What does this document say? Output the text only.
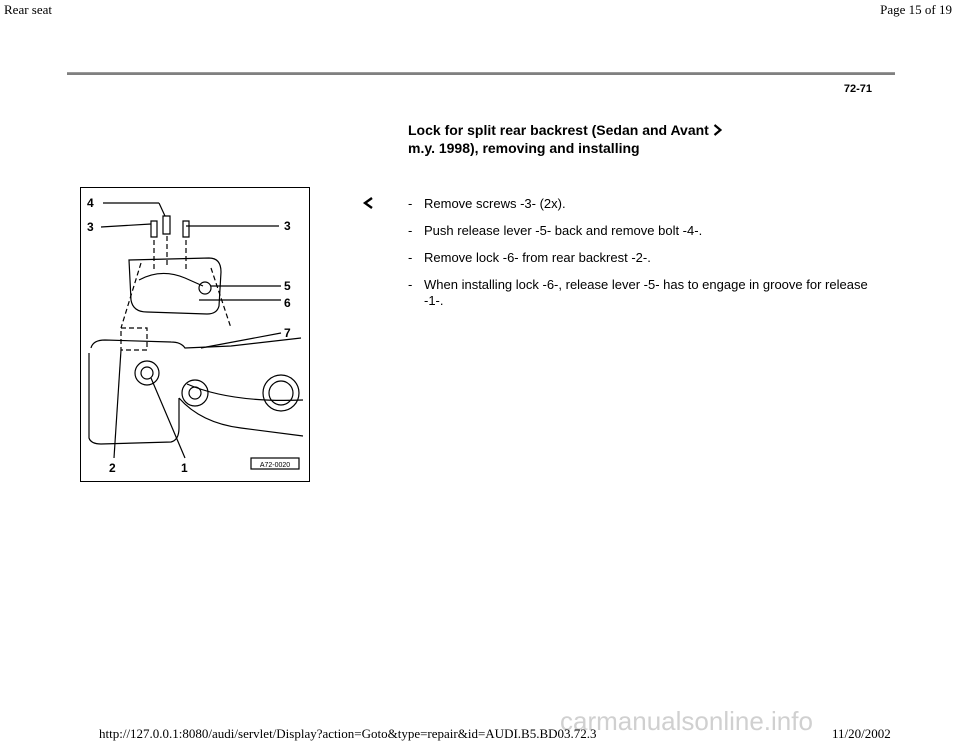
Rear seat	Page 15 of 19
72-71
Lock for split rear backrest (Sedan and Avant  m.y. 1998), removing and installing
4
3	3
5
6
7
2	1	A72-0020
- Remove screws -3- (2x).
- Push release lever -5- back and remove bolt -4-.
- Remove lock -6- from rear backrest -2-.
- When installing lock -6-, release lever -5- has to engage in groove for release -1-.
carmanualsonline.info
http://127.0.0.1:8080/audi/servlet/Display?action=Goto&type=repair&id=AUDI.B5.BD03.72.3	11/20/2002
